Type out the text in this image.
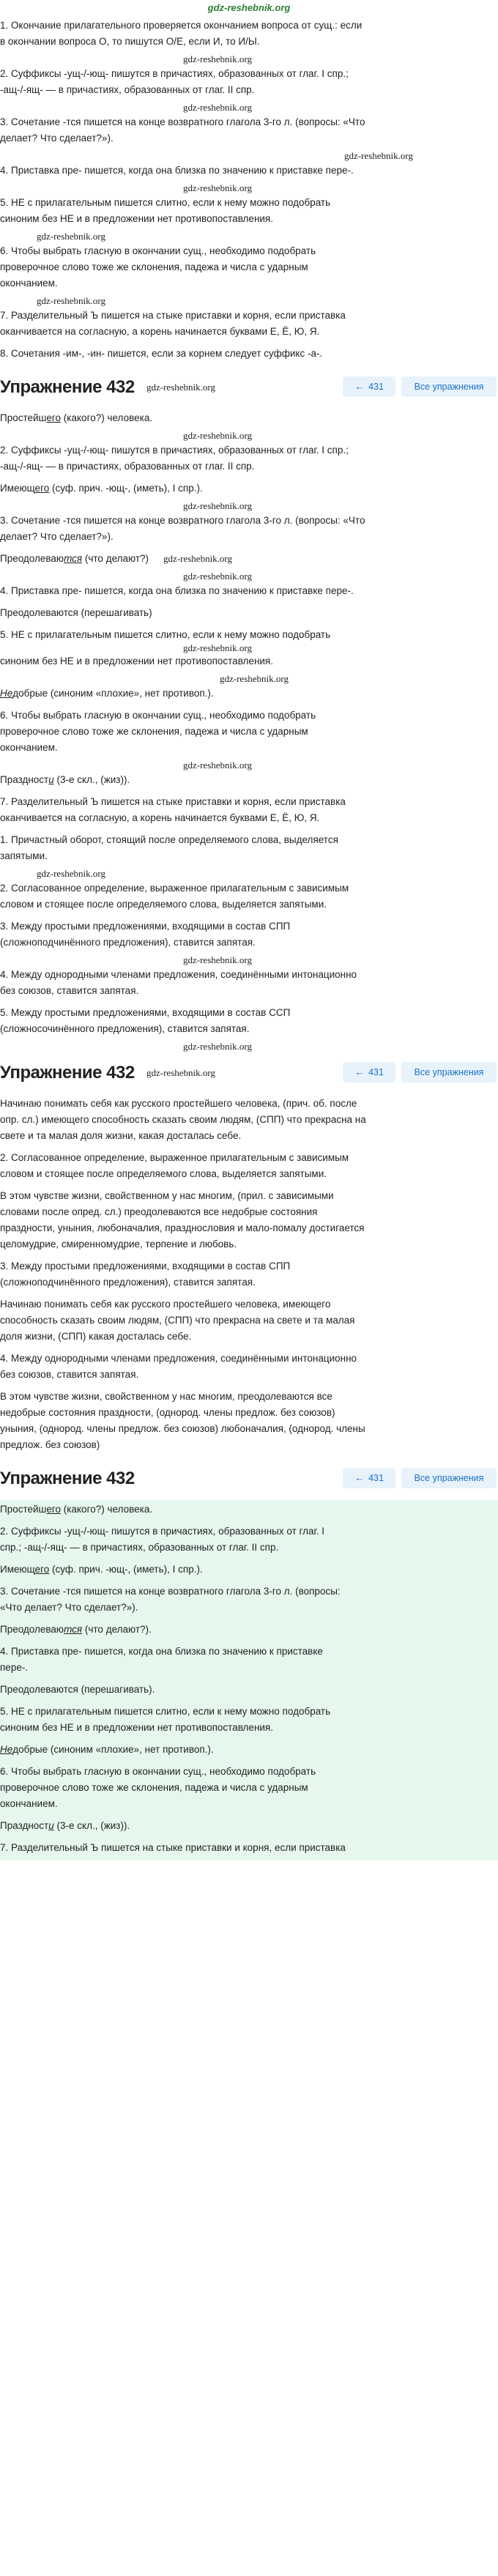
gdz-reshebnik.org
1. Окончание прилагательного проверяется окончанием вопроса от сущ.: если
в окончании вопроса О, то пишутся О/Е, если И, то И/Ы.
gdz-reshebnik.org
2. Суффиксы -ущ-/-ющ- пишутся в причастиях, образованных от глаг. I спр.;
-ащ-/-ящ- — в причастиях, образованных от глаг. II спр.
gdz-reshebnik.org
3. Сочетание -тся пишется на конце возвратного глагола 3-го л. (вопросы: «Что
делает? Что сделает?»).
gdz-reshebnik.org
4. Приставка пре- пишется, когда она близка по значению к приставке пере-.
gdz-reshebnik.org
5. НЕ с прилагательным пишется слитно, если к нему можно подобрать
синоним без НЕ и в предложении нет противопоставления.
gdz-reshebnik.org
6. Чтобы выбрать гласную в окончании сущ., необходимо подобрать
проверочное слово тоже же склонения, падежа и числа с ударным
окончанием.
gdz-reshebnik.org
7. Разделительный Ъ пишется на стыке приставки и корня, если приставка
оканчивается на согласную, а корень начинается буквами Е, Ё, Ю, Я.
8. Сочетания -им-, -ин- пишется, если за корнем следует суффикс -а-.
Упражнение 432 gdz-reshebnik.org	← 431	Все упражнения
Простейшего (какого?) человека.
gdz-reshebnik.org
2. Суффиксы -ущ-/-ющ- пишутся в причастиях, образованных от глаг. I спр.;
-ащ-/-ящ- — в причастиях, образованных от глаг. II спр.
Имеющего (суф. прич. -ющ-, (иметь), I спр.).
gdz-reshebnik.org
3. Сочетание -тся пишется на конце возвратного глагола 3-го л. (вопросы: «Что
делает? Что сделает?»).
Преодолеваются (что делают?) gdz-reshebnik.org
gdz-reshebnik.org
4. Приставка пре- пишется, когда она близка по значению к приставке пере-.
Преодолеваются (перешагивать)
5. НЕ с прилагательным пишется слитно, если к нему можно подобрать
gdz-reshebnik.org
синоним без НЕ и в предложении нет противопоставления.
gdz-reshebnik.org
Недобрые (синоним «плохие», нет противоп.).
6. Чтобы выбрать гласную в окончании сущ., необходимо подобрать
проверочное слово тоже же склонения, падежа и числа с ударным
окончанием.
gdz-reshebnik.org
Праздности (3-е скл., (жиз)).
7. Разделительный Ъ пишется на стыке приставки и корня, если приставка
оканчивается на согласную, а корень начинается буквами Е, Ё, Ю, Я.
1. Причастный оборот, стоящий после определяемого слова, выделяется
запятыми.
gdz-reshebnik.org
2. Согласованное определение, выраженное прилагательным с зависимым
словом и стоящее после определяемого слова, выделяется запятыми.
3. Между простыми предложениями, входящими в состав СПП
(сложноподчинённого предложения), ставится запятая.
gdz-reshebnik.org
4. Между однородными членами предложения, соединёнными интонационно
без союзов, ставится запятая.
5. Между простыми предложениями, входящими в состав ССП
(сложносочинённого предложения), ставится запятая.
gdz-reshebnik.org
Упражнение 432 gdz-reshebnik.org	← 431	Все упражнения
Начинаю понимать себя как русского простейшего человека, (прич. об. после
опр. сл.) имеющего способность сказать своим людям, (СПП) что прекрасна на
свете и та малая доля жизни, какая досталась себе.
2. Согласованное определение, выраженное прилагательным с зависимым
словом и стоящее после определяемого слова, выделяется запятыми.
В этом чувстве жизни, свойственном у нас многим, (прил. с зависимыми
словами после опред. сл.) преодолеваются все недобрые состояния
праздности, уныния, любоначалия, празднословия и мало-помалу достигается
целомудрие, смиренномудрие, терпение и любовь.
3. Между простыми предложениями, входящими в состав СПП
(сложноподчинённого предложения), ставится запятая.
Начинаю понимать себя как русского простейшего человека, имеющего
способность сказать своим людям, (СПП) что прекрасна на свете и та малая
доля жизни, (СПП) какая досталась себе.
4. Между однородными членами предложения, соединёнными интонационно
без союзов, ставится запятая.
В этом чувстве жизни, свойственном у нас многим, преодолеваются все
недобрые состояния праздности, (однород. члены предлож. без союзов)
уныния, (однород. члены предлож. без союзов) любоначалия, (однород. члены
предлож. без союзов)
Упражнение 432	← 431	Все упражнения
Простейшего (какого?) человека.
2. Суффиксы -ущ-/-ющ- пишутся в причастиях, образованных от глаг. I
спр.; -ащ-/-ящ- — в причастиях, образованных от глаг. II спр.
Имеющего (суф. прич. -ющ-, (иметь), I спр.).
3. Сочетание -тся пишется на конце возвратного глагола 3-го л. (вопросы:
«Что делает? Что сделает?»).
Преодолеваются (что делают?).
4. Приставка пре- пишется, когда она близка по значению к приставке
пере-.
Преодолеваются (перешагивать).
5. НЕ с прилагательным пишется слитно, если к нему можно подобрать
синоним без НЕ и в предложении нет противопоставления.
Недобрые (синоним «плохие», нет противоп.).
6. Чтобы выбрать гласную в окончании сущ., необходимо подобрать
проверочное слово тоже же склонения, падежа и числа с ударным
окончанием.
Праздности (3-е скл., (жиз)).
7. Разделительный Ъ пишется на стыке приставки и корня, если приставка
